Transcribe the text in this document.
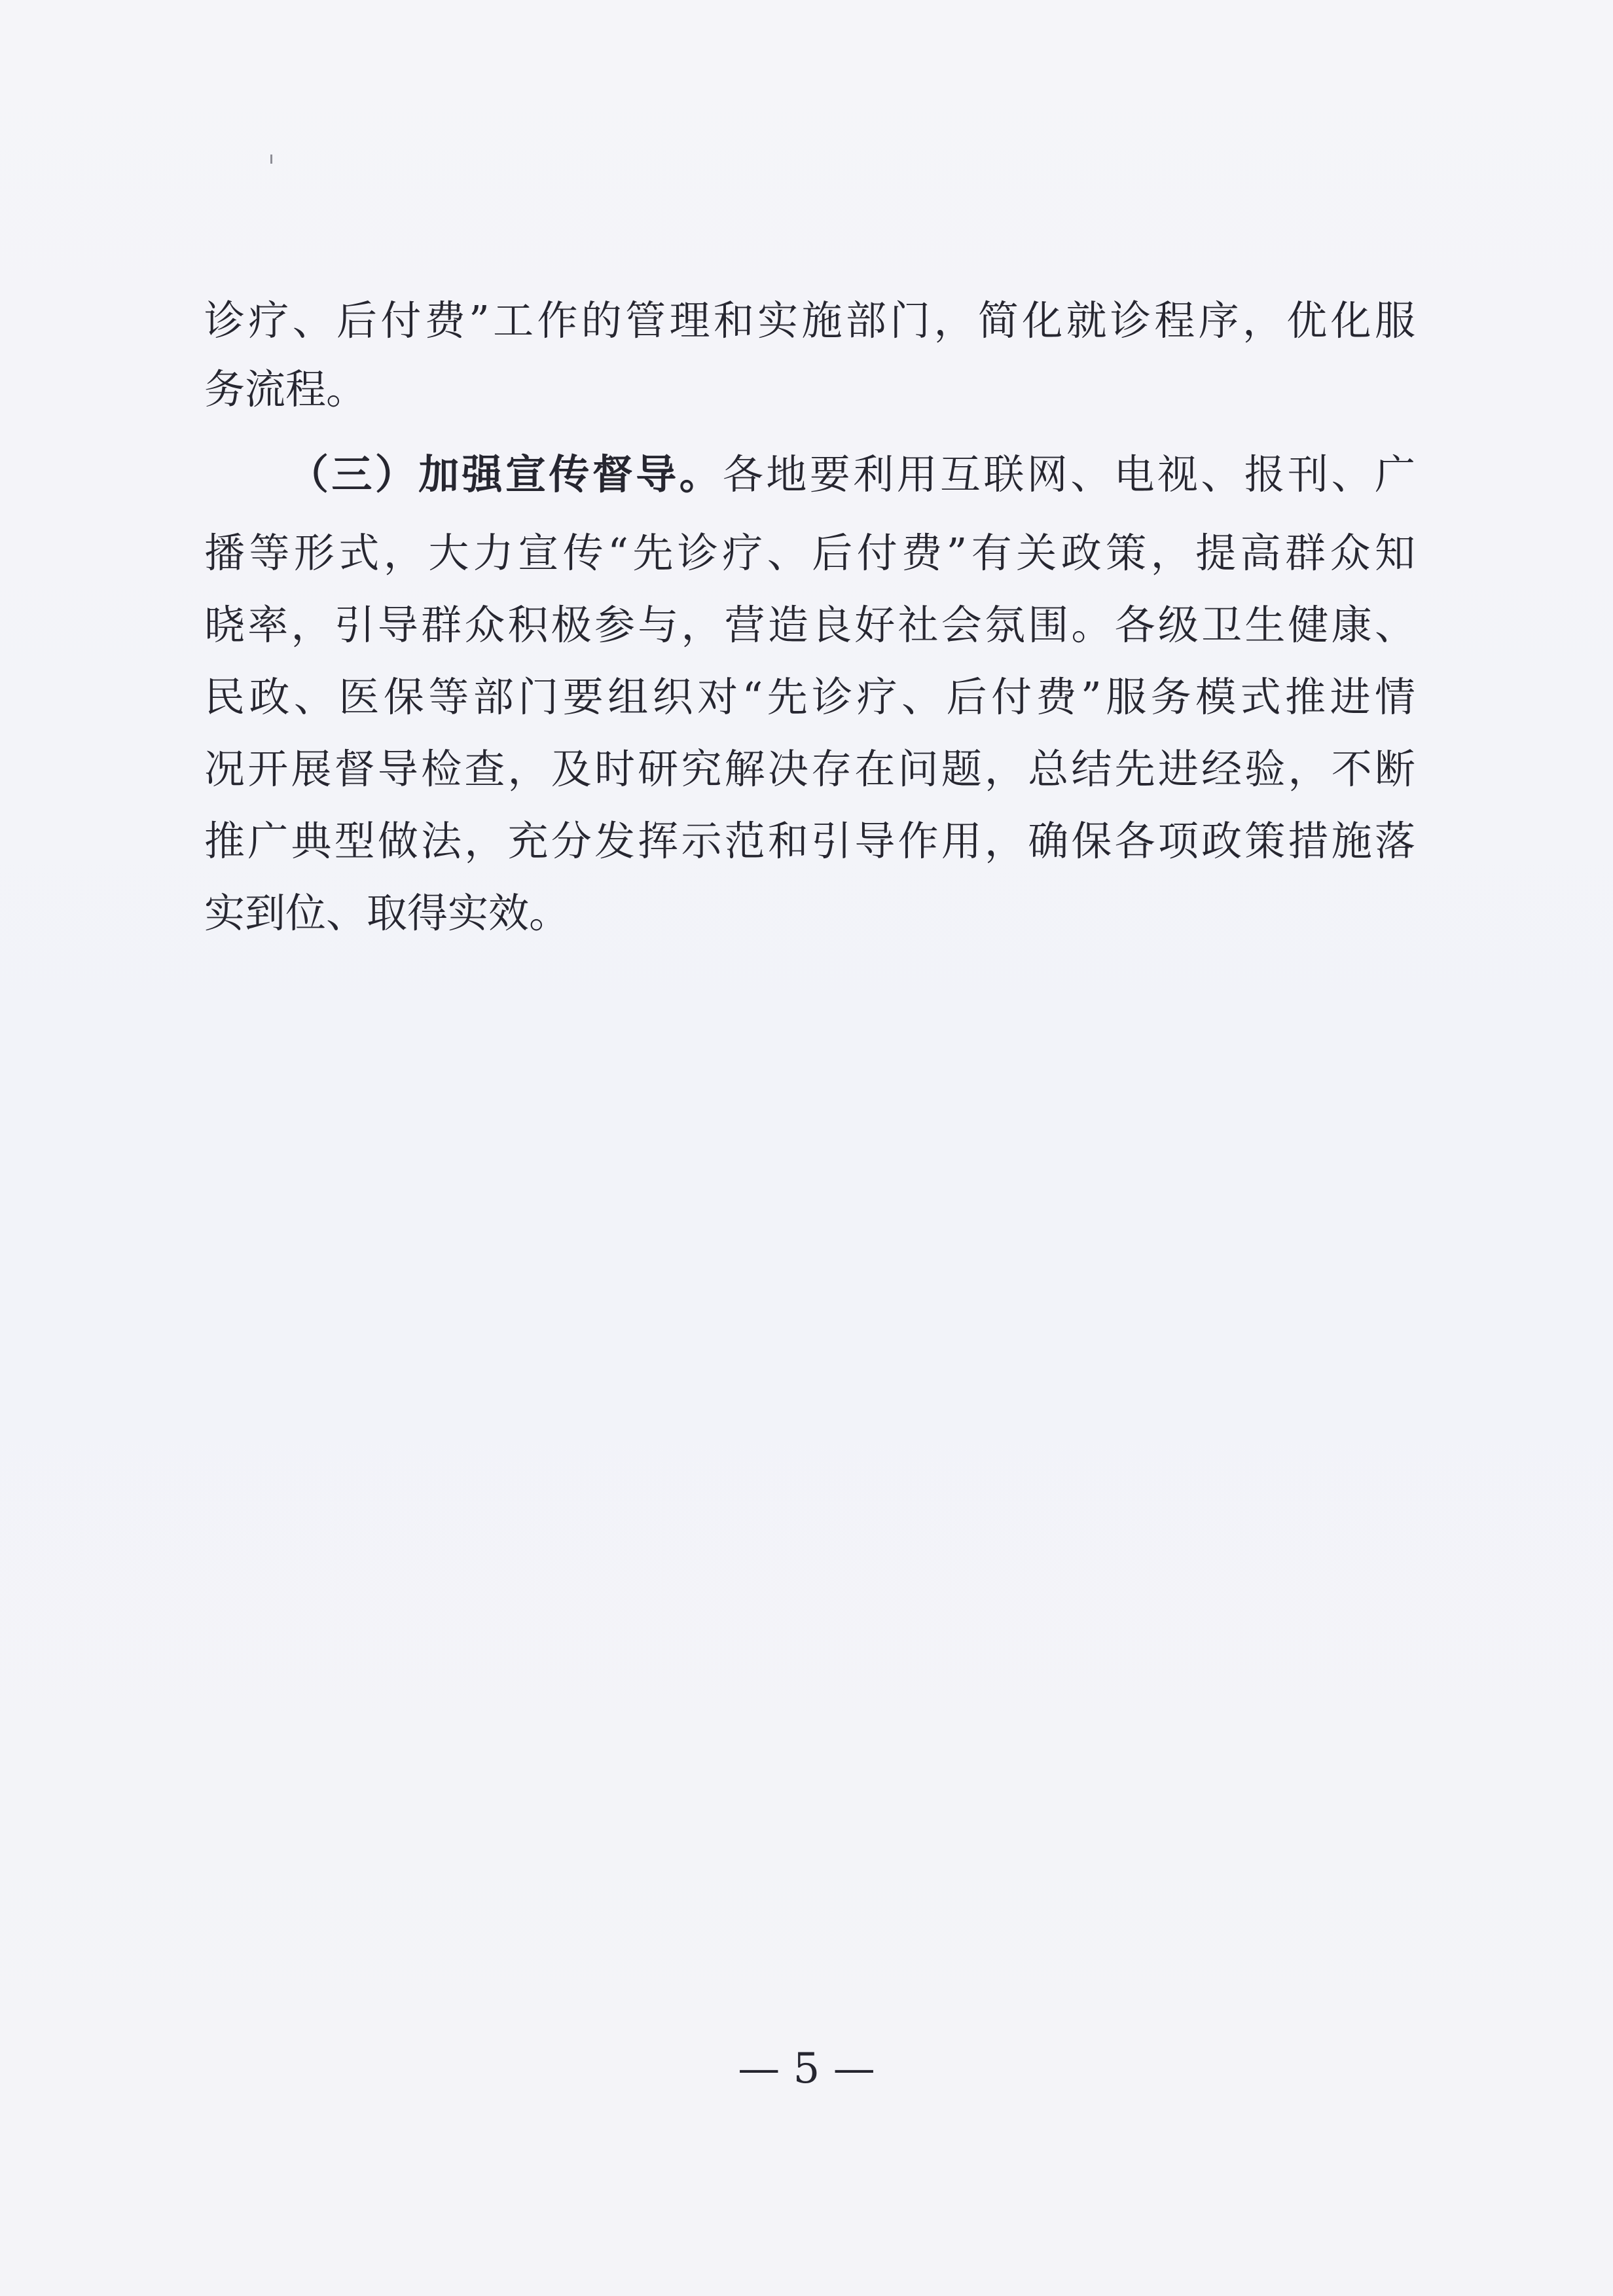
诊疗、后付费”工作的管理和实施部门，简化就诊程序，优化服
务流程。
（三）加强宣传督导。各地要利用互联网、电视、报刊、广
播等形式，大力宣传“先诊疗、后付费”有关政策，提高群众知
晓率，引导群众积极参与，营造良好社会氛围。各级卫生健康、
民政、医保等部门要组织对“先诊疗、后付费”服务模式推进情
况开展督导检查，及时研究解决存在问题，总结先进经验，不断
推广典型做法，充分发挥示范和引导作用，确保各项政策措施落
实到位、取得实效。
— 5 —
